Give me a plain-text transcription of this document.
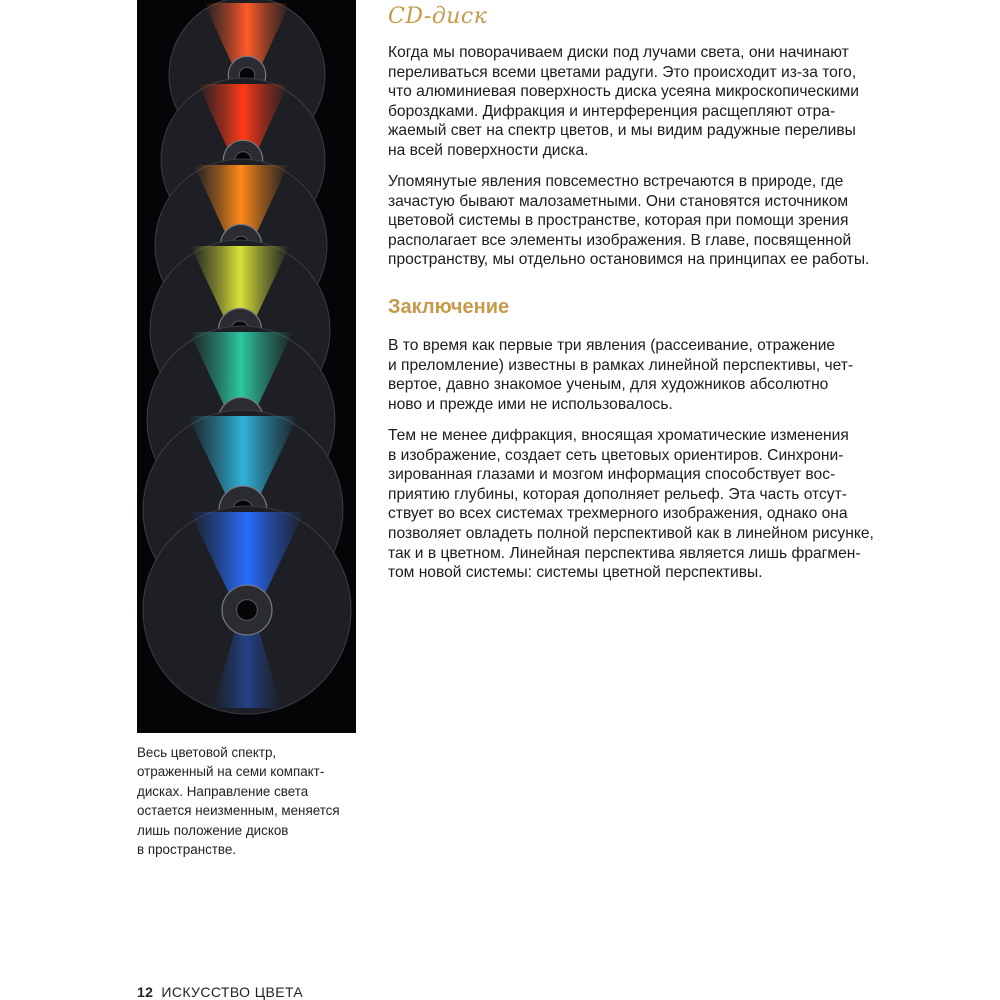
Весь цветовой спектр,
отраженный на семи компакт-
дисках. Направление света
остается неизменным, меняется
лишь положение дисков
в пространстве.
CD-диск
Когда мы поворачиваем диски под лучами света, они начинают
переливаться всеми цветами радуги. Это происходит из-за того,
что алюминиевая поверхность диска усеяна микроскопическими
бороздками. Дифракция и интерференция расщепляют отра-
жаемый свет на спектр цветов, и мы видим радужные переливы
на всей поверхности диска.
Упомянутые явления повсеместно встречаются в природе, где
зачастую бывают малозаметными. Они становятся источником
цветовой системы в пространстве, которая при помощи зрения
располагает все элементы изображения. В главе, посвященной
пространству, мы отдельно остановимся на принципах ее работы.
Заключение
В то время как первые три явления (рассеивание, отражение
и преломление) известны в рамках линейной перспективы, чет-
вертое, давно знакомое ученым, для художников абсолютно
ново и прежде ими не использовалось.
Тем не менее дифракция, вносящая хроматические изменения
в изображение, создает сеть цветовых ориентиров. Синхрони-
зированная глазами и мозгом информация способствует вос-
приятию глубины, которая дополняет рельеф. Эта часть отсут-
ствует во всех системах трехмерного изображения, однако она
позволяет овладеть полной перспективой как в линейном рисунке,
так и в цветном. Линейная перспектива является лишь фрагмен-
том новой системы: системы цветной перспективы.
12 ИСКУССТВО ЦВЕТА
